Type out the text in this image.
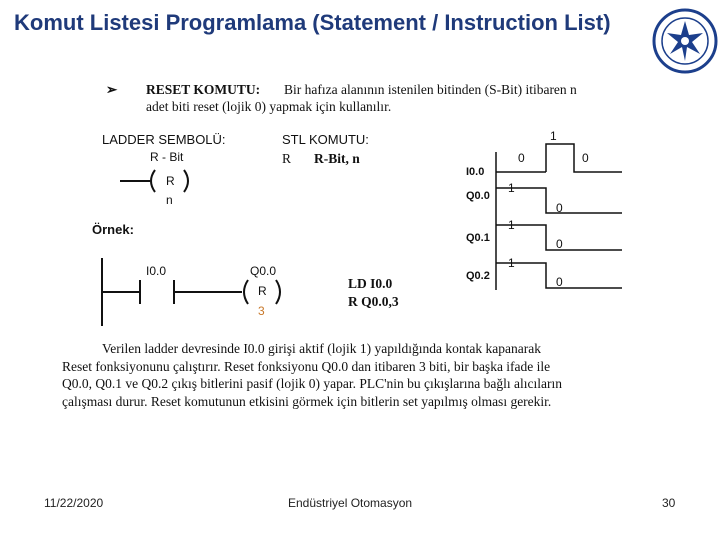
Komut Listesi Programlama (Statement / Instruction List)
➢ RESET KOMUTU: Bir hafıza alanının istenilen bitinden (S-Bit) itibaren n
adet biti reset (lojik 0) yapmak için kullanılır.
LADDER SEMBOLÜ:
R - Bit
R
n
STL KOMUTU:
R R-Bit, n
I0.0
0
1
0
Q0.0
1
0
Q0.1
1
0
Q0.2
1
0
Örnek:
I0.0	Q0.0
R
3
LD I0.0
R Q0.0,3
Verilen ladder devresinde I0.0 girişi aktif (lojik 1) yapıldığında kontak kapanarak
Reset fonksiyonunu çalıştırır. Reset fonksiyonu Q0.0 dan itibaren 3 biti, bir başka ifade ile
Q0.0, Q0.1 ve Q0.2 çıkış bitlerini pasif (lojik 0) yapar. PLC'nin bu çıkışlarına bağlı alıcıların
çalışması durur. Reset komutunun etkisini görmek için bitlerin set yapılmış olması gerekir.
11/22/2020	Endüstriyel Otomasyon	30
